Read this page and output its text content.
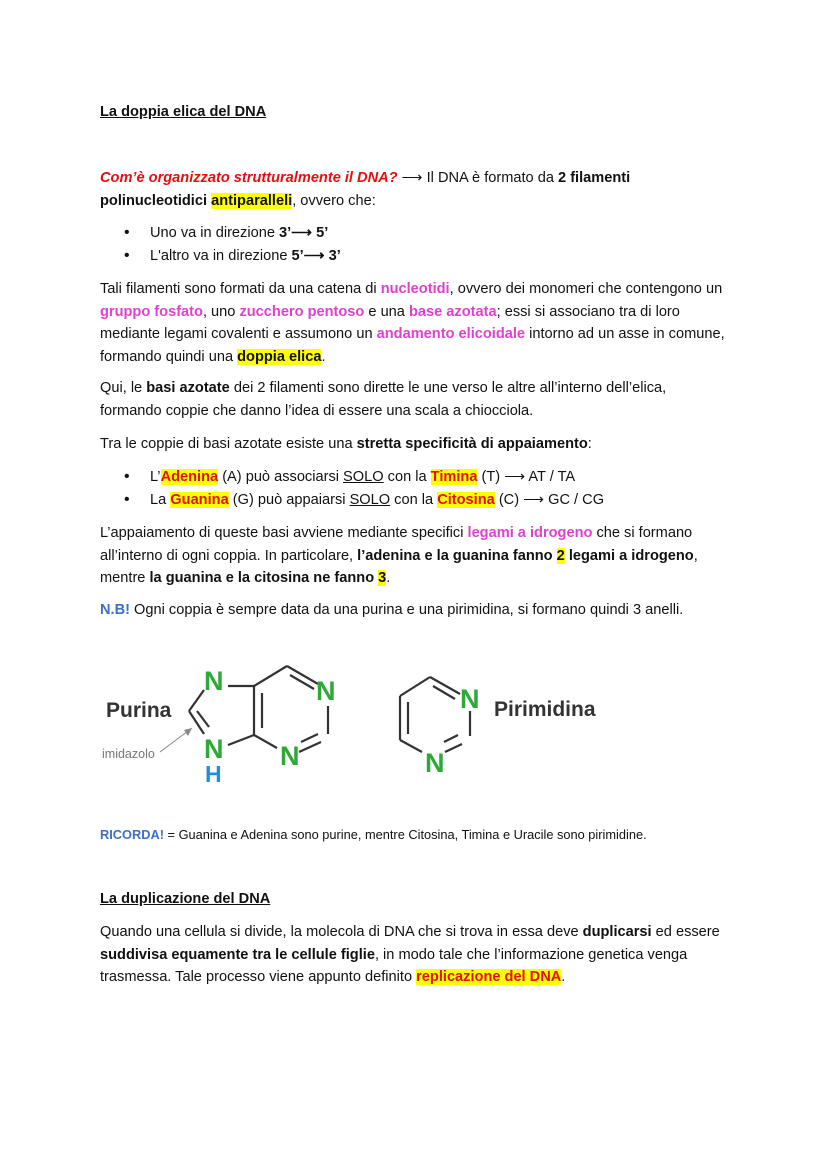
La doppia elica del DNA

Com’è organizzato strutturalmente il DNA? ⟶ Il DNA è formato da 2 filamenti polinucleotidici antiparalleli, ovvero che:

• Uno va in direzione 3’⟶ 5’
• L'altro va in direzione 5’⟶ 3’

Tali filamenti sono formati da una catena di nucleotidi, ovvero dei monomeri che contengono un gruppo fosfato, uno zucchero pentoso e una base azotata; essi si associano tra di loro mediante legami covalenti e assumono un andamento elicoidale intorno ad un asse in comune, formando quindi una doppia elica.

Qui, le basi azotate dei 2 filamenti sono dirette le une verso le altre all’interno dell’elica, formando coppie che danno l’idea di essere una scala a chiocciola.

Tra le coppie di basi azotate esiste una stretta specificità di appaiamento:

• L’Adenina (A) può associarsi SOLO con la Timina (T) ⟶ AT / TA
• La Guanina (G) può appaiarsi SOLO con la Citosina (C) ⟶ GC / CG

L’appaiamento di queste basi avviene mediante specifici legami a idrogeno che si formano all’interno di ogni coppia. In particolare, l’adenina e la guanina fanno 2 legami a idrogeno, mentre la guanina e la citosina ne fanno 3.

N.B! Ogni coppia è sempre data da una purina e una pirimidina, si formano quindi 3 anelli.

RICORDA! = Guanina e Adenina sono purine, mentre Citosina, Timina e Uracile sono pirimidine.

La duplicazione del DNA

Quando una cellula si divide, la molecola di DNA che si trova in essa deve duplicarsi ed essere suddivisa equamente tra le cellule figlie, in modo tale che l’informazione genetica venga trasmessa. Tale processo viene appunto definito replicazione del DNA.

Purina
imidazolo
N	N
N N
H
N
N
Pirimidina
